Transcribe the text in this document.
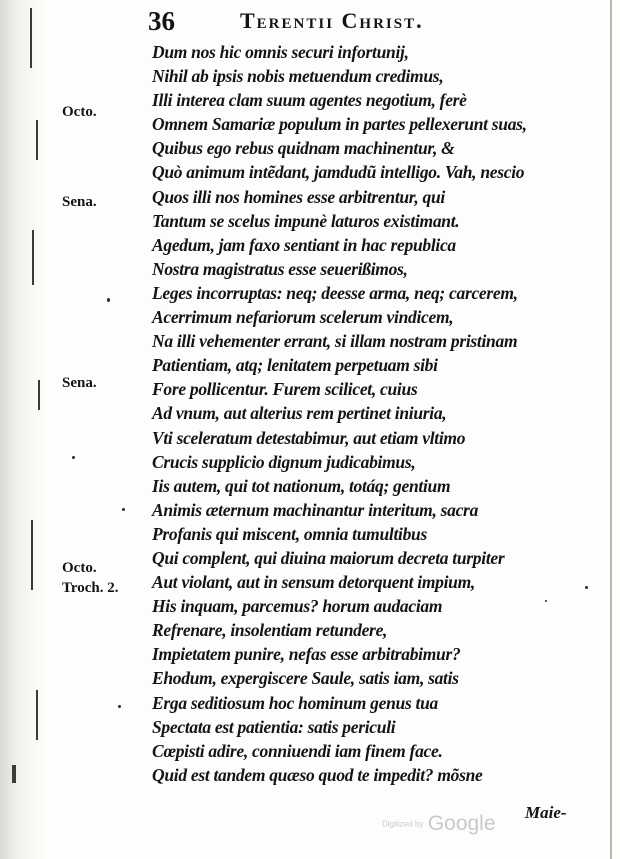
36	Terentii Christ.
Octo.
Sena.
Sena.
Octo.
Troch. 2.
Dum nos hic omnis securi infortunij,
Nihil ab ipsis nobis metuendum credimus,
Illi interea clam suum agentes negotium, ferè
Omnem Samariæ populum in partes pellexerunt suas,
Quibus ego rebus quidnam machinentur, &
Quò animum intẽdant, jamdudũ intelligo. Vah, nescio
Quos illi nos homines esse arbitrentur, qui
Tantum se scelus impunè laturos existimant.
Agedum, jam faxo sentiant in hac republica
Nostra magistratus esse seuerißimos,
Leges incorruptas: neq; deesse arma, neq; carcerem,
Acerrimum nefariorum scelerum vindicem,
Na illi vehementer errant, si illam nostram pristinam
Patientiam, atq; lenitatem perpetuam sibi
Fore pollicentur. Furem scilicet, cuius
Ad vnum, aut alterius rem pertinet iniuria,
Vti sceleratum detestabimur, aut etiam vltimo
Crucis supplicio dignum judicabimus,
Iis autem, qui tot nationum, totáq; gentium
Animis æternum machinantur interitum, sacra
Profanis qui miscent, omnia tumultibus
Qui complent, qui diuina maiorum decreta turpiter
Aut violant, aut in sensum detorquent impium,
His inquam, parcemus? horum audaciam
Refrenare, insolentiam retundere,
Impietatem punire, nefas esse arbitrabimur?
Ehodum, expergiscere Saule, satis iam, satis
Erga seditiosum hoc hominum genus tua
Spectata est patientia: satis periculi
Cœpisti adire, conniuendi iam finem face.
Quid est tandem quæso quod te impedit? mõsne
Maie-
Digitized by Google
